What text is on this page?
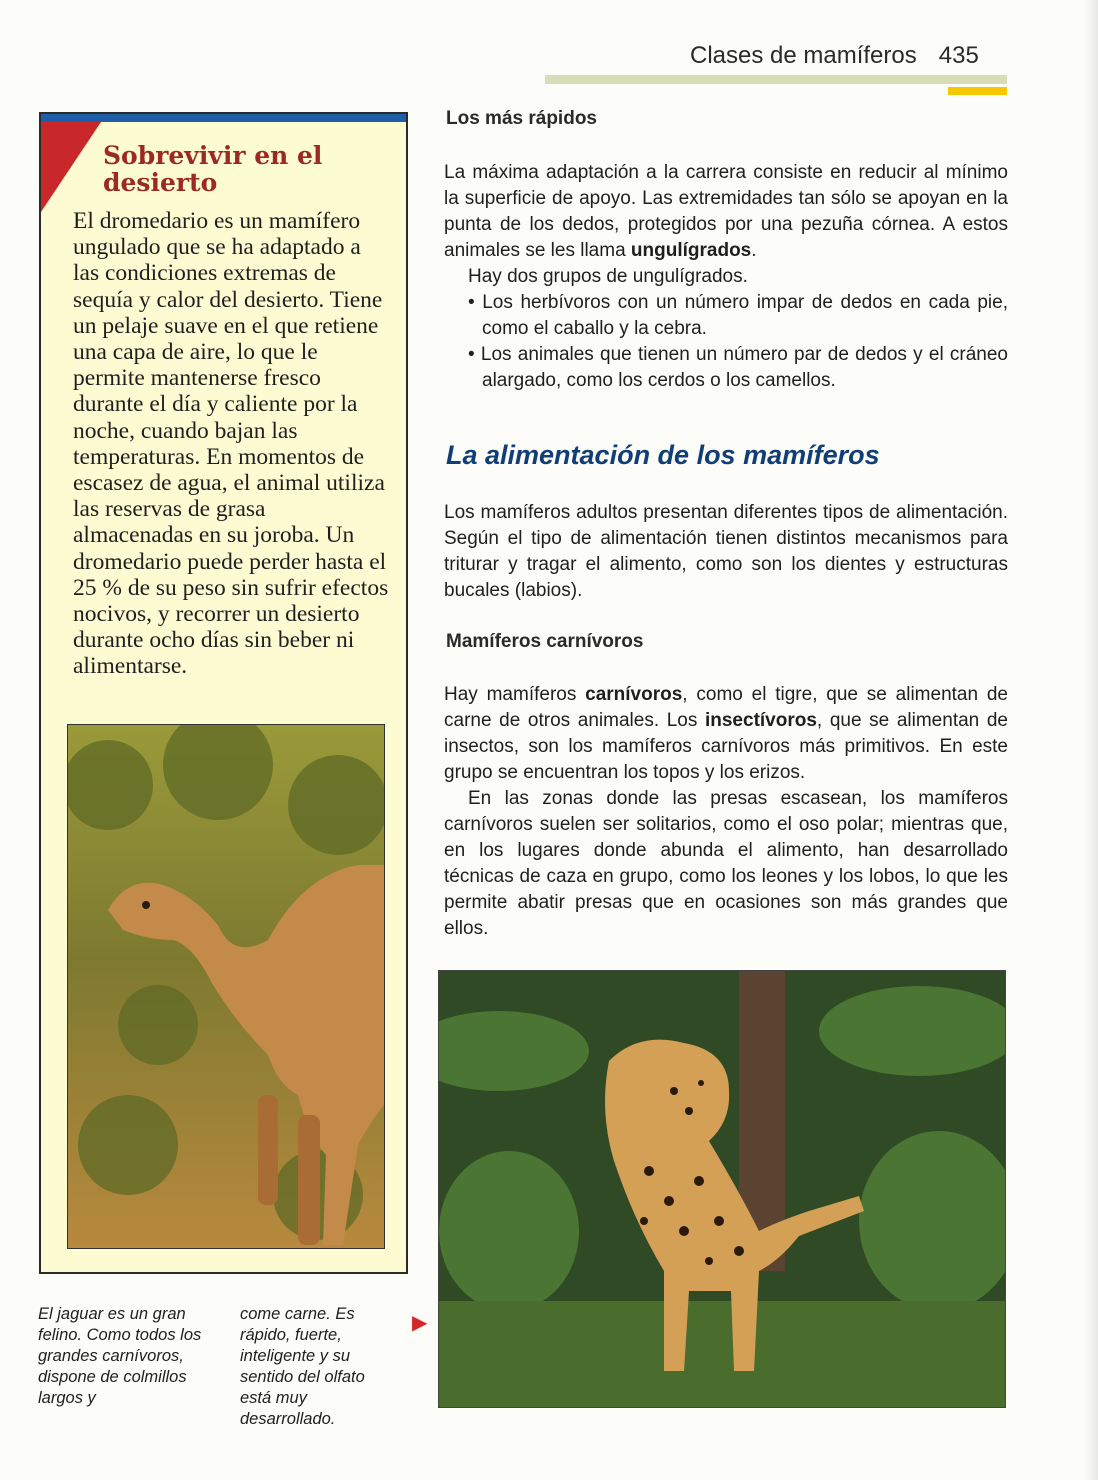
Clases de mamíferos 435
Sobrevivir en el desierto

El dromedario es un mamífero ungulado que se ha adaptado a las condiciones extremas de sequía y calor del desierto. Tiene un pelaje suave en el que retiene una capa de aire, lo que le permite mantenerse fresco durante el día y caliente por la noche, cuando bajan las temperaturas. En momentos de escasez de agua, el animal utiliza las reservas de grasa almacenadas en su joroba. Un dromedario puede perder hasta el 25 % de su peso sin sufrir efectos nocivos, y recorrer un desierto durante ocho días sin beber ni alimentarse.

Los más rápidos

La máxima adaptación a la carrera consiste en reducir al mínimo la superficie de apoyo. Las extremidades tan sólo se apoyan en la punta de los dedos, protegidos por una pezuña córnea. A estos animales se les llama ungulígrados.

Hay dos grupos de ungulígrados.

• Los herbívoros con un número impar de dedos en cada pie, como el caballo y la cebra.

• Los animales que tienen un número par de dedos y el cráneo alargado, como los cerdos o los camellos.

La alimentación de los mamíferos

Los mamíferos adultos presentan diferentes tipos de alimentación. Según el tipo de alimentación tienen distintos mecanismos para triturar y tragar el alimento, como son los dientes y estructuras bucales (labios).

Mamíferos carnívoros

Hay mamíferos carnívoros, como el tigre, que se alimentan de carne de otros animales. Los insectívoros, que se alimentan de insectos, son los mamíferos carnívoros más primitivos. En este grupo se encuentran los topos y los erizos.

En las zonas donde las presas escasean, los mamíferos carnívoros suelen ser solitarios, como el oso polar; mientras que, en los lugares donde abunda el alimento, han desarrollado técnicas de caza en grupo, como los leones y los lobos, lo que les permite abatir presas que en ocasiones son más grandes que ellos.

▶

El jaguar es un gran felino. Como todos los grandes carnívoros, dispone de colmillos largos y

come carne. Es rápido, fuerte, inteligente y su sentido del olfato está muy desarrollado.
